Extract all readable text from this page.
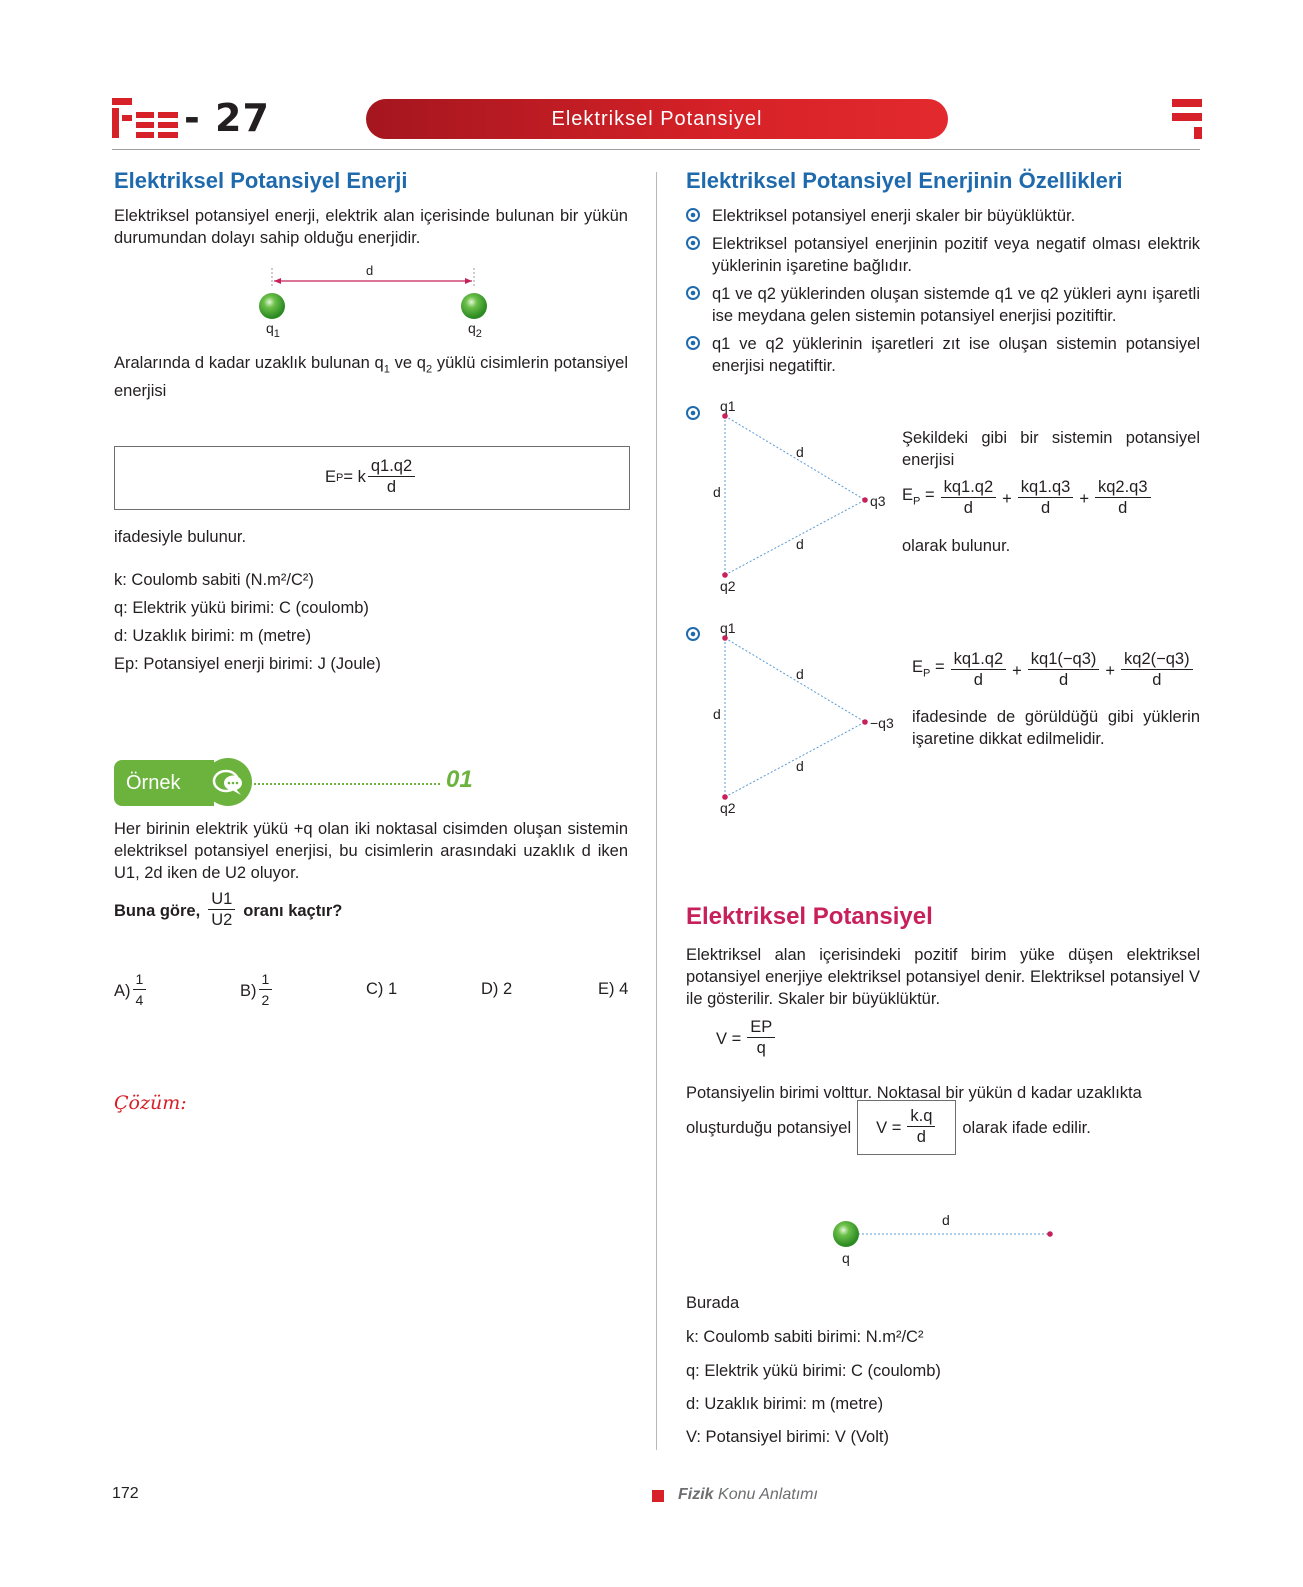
- 27	Elektriksel Potansiyel
Elektriksel Potansiyel Enerji
Elektriksel potansiyel enerji, elektrik alan içerisinde bulunan bir yükün durumundan dolayı sahip olduğu enerjidir.
d
$q_1$	$q_2$
Aralarında d kadar uzaklık bulunan $q_1$ ve $q_2$ yüklü cisimlerin potansiyel enerjisi
E P = k $\frac{q1.q2}{d}$
ifadesiyle bulunur.
k: Coulomb sabiti (N.m²/C²)
q: Elektrik yükü birimi: C (coulomb)
d: Uzaklık birimi: m (metre)
Ep: Potansiyel enerji birimi: J (Joule)
Örnek	01
Her birinin elektrik yükü +q olan iki noktasal cisimden oluşan sistemin elektriksel potansiyel enerjisi, bu cisimlerin arasındaki uzaklık d iken U1, 2d iken de U2 oluyor.
Buna göre, $\frac{U1}{U2}$ oranı kaçtır?
$A) \frac{1}{4}$	$B) \frac{1}{2}$	C) 1	D) 2	E) 4
Çözüm:
Elektriksel Potansiyel Enerjinin Özellikleri
Elektriksel potansiyel enerji skaler bir büyüklüktür.
Elektriksel potansiyel enerjinin pozitif veya negatif olması elektrik yüklerinin işaretine bağlıdır.
q1 ve q2 yüklerinden oluşan sistemde q1 ve q2 yükleri aynı işaretli ise meydana gelen sistemin potansiyel enerjisi pozitiftir.
q1 ve q2 yüklerinin işaretleri zıt ise oluşan sistemin potansiyel enerjisi negatiftir.
q1
q2
q3
d
d
d
Şekildeki gibi bir sistemin potansiyel enerjisi
$E_P = \frac{kq1.q2}{d} + \frac{kq1.q3}{d} + \frac{kq2.q3}{d}$
olarak bulunur.
q1
q2
−q3
d
d
d
$E_P = \frac{kq1.q2}{d} + \frac{kq1(-q3)}{d} + \frac{kq2(-q3)}{d}$
ifadesinde de görüldüğü gibi yüklerin işaretine dikkat edilmelidir.
Elektriksel Potansiyel
Elektriksel alan içerisindeki pozitif birim yüke düşen elektriksel potansiyel enerjiye elektriksel potansiyel denir. Elektriksel potansiyel V ile gösterilir. Skaler bir büyüklüktür.
$V = \frac{EP}{q}$
Potansiyelin birimi volttur. Noktasal bir yükün d kadar uzaklıkta
oluşturduğu potansiyel $V = \frac{k.q}{d}$ olarak ifade edilir.
d
q
Burada
k: Coulomb sabiti birimi: N.m²/C²
q: Elektrik yükü birimi: C (coulomb)
d: Uzaklık birimi: m (metre)
V: Potansiyel birimi: V (Volt)
172	Fizik Konu Anlatımı
